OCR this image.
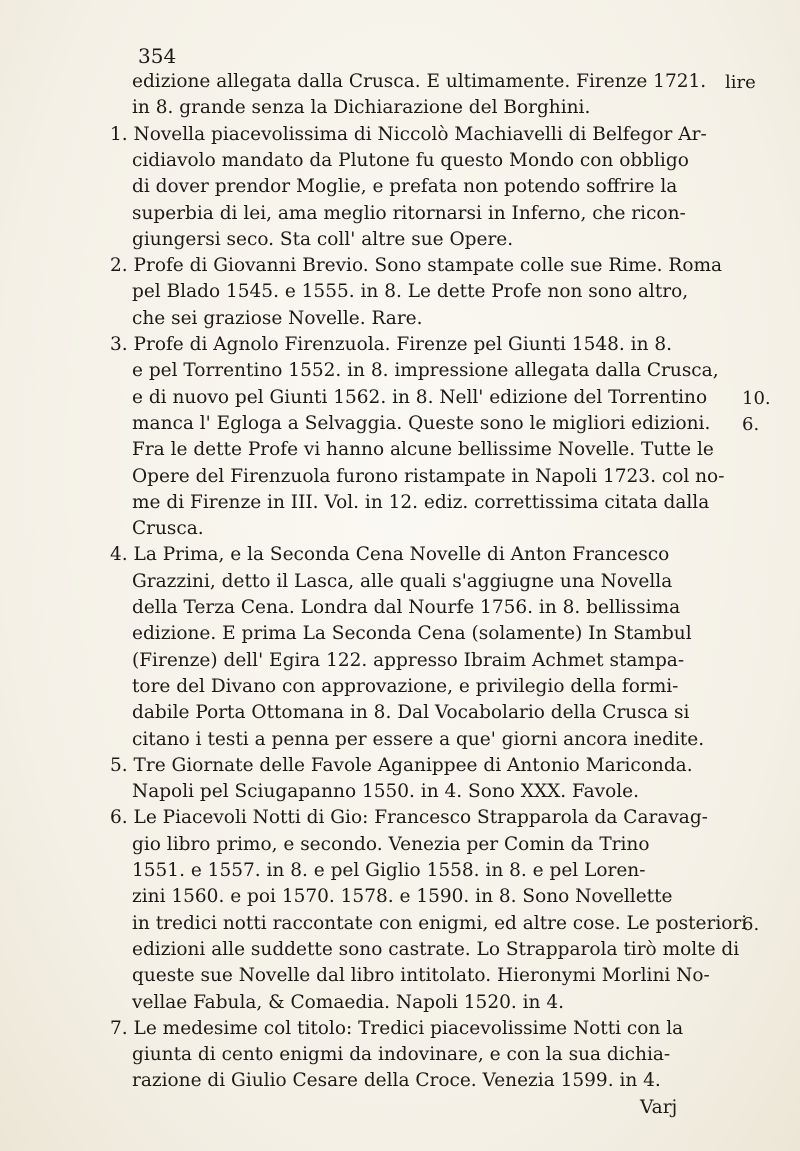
354
edizione allegata dalla Crusca. E ultimamente. Firenze 1721.
in 8. grande senza la Dichiarazione del Borghini.
1. Novella piacevolissima di Niccolò Machiavelli di Belfegor Ar-
cidiavolo mandato da Plutone fu questo Mondo con obbligo
di dover prendor Moglie, e prefata non potendo soffrire la
superbia di lei, ama meglio ritornarsi in Inferno, che ricon-
giungersi seco. Sta coll' altre sue Opere.
2. Profe di Giovanni Brevio. Sono stampate colle sue Rime. Roma
pel Blado 1545. e 1555. in 8. Le dette Profe non sono altro,
che sei graziose Novelle. Rare.
3. Profe di Agnolo Firenzuola. Firenze pel Giunti 1548. in 8.
e pel Torrentino 1552. in 8. impressione allegata dalla Crusca,
e di nuovo pel Giunti 1562. in 8. Nell' edizione del Torrentino
manca l' Egloga a Selvaggia. Queste sono le migliori edizioni.
Fra le dette Profe vi hanno alcune bellissime Novelle. Tutte le
Opere del Firenzuola furono ristampate in Napoli 1723. col no-
me di Firenze in III. Vol. in 12. ediz. correttissima citata dalla
Crusca.
4. La Prima, e la Seconda Cena Novelle di Anton Francesco
Grazzini, detto il Lasca, alle quali s'aggiugne una Novella
della Terza Cena. Londra dal Nourfe 1756. in 8. bellissima
edizione. E prima La Seconda Cena (solamente) In Stambul
(Firenze) dell' Egira 122. appresso Ibraim Achmet stampa-
tore del Divano con approvazione, e privilegio della formi-
dabile Porta Ottomana in 8. Dal Vocabolario della Crusca si
citano i testi a penna per essere a que' giorni ancora inedite.
5. Tre Giornate delle Favole Aganippee di Antonio Mariconda.
Napoli pel Sciugapanno 1550. in 4. Sono XXX. Favole.
6. Le Piacevoli Notti di Gio: Francesco Strapparola da Caravag-
gio libro primo, e secondo. Venezia per Comin da Trino
1551. e 1557. in 8. e pel Giglio 1558. in 8. e pel Loren-
zini 1560. e poi 1570. 1578. e 1590. in 8. Sono Novellette
in tredici notti raccontate con enigmi, ed altre cose. Le posteriori
edizioni alle suddette sono castrate. Lo Strapparola tirò molte di
queste sue Novelle dal libro intitolato. Hieronymi Morlini No-
vellae Fabula, & Comaedia. Napoli 1520. in 4.
7. Le medesime col titolo: Tredici piacevolissime Notti con la
giunta di cento enigmi da indovinare, e con la sua dichia-
razione di Giulio Cesare della Croce. Venezia 1599. in 4.
Varj
lire
10.
6.
6.
